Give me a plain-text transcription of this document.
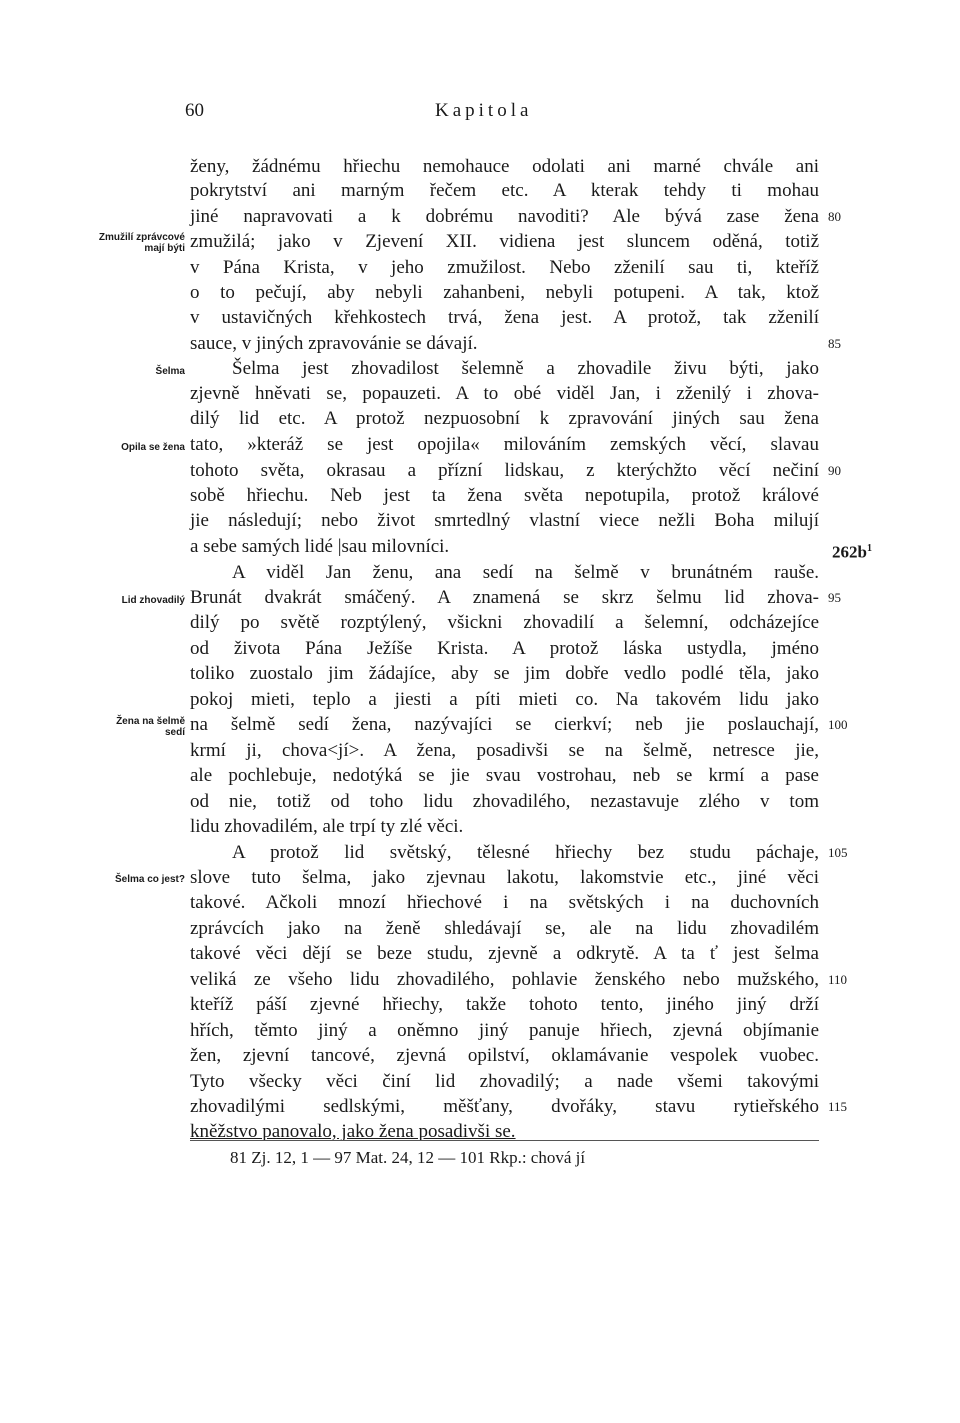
60	Kapitola
ženy, žádnému hřiechu nemohauce odolati ani marné chvále ani
pokrytství ani marným řečem etc. A kterak tehdy ti mohau
jiné napravovati a k dobrému navoditi? Ale bývá zase žena
zmužilá; jako v Zjevení XII. vidiena jest sluncem oděná, totiž
v Pána Krista, v jeho zmužilost. Nebo zženilí sau ti, kteříž
o to pečují, aby nebyli zahanbeni, nebyli potupeni. A tak, ktož
v ustavičných křehkostech trvá, žena jest. A protož, tak zženilí
sauce, v jiných zpravovánie se dávají.
Šelma jest zhovadilost šelemně a zhovadile živu býti, jako
zjevně hněvati se, popauzeti. A to obé viděl Jan, i zženilý i zhova-
dilý lid etc. A protož nezpuosobní k zpravování jiných sau žena
tato, »kteráž se jest opojila« milováním zemských věcí, slavau
tohoto světa, okrasau a přízní lidskau, z kterýchžto věcí nečiní
sobě hřiechu. Neb jest ta žena světa nepotupila, protož králové
jie následují; nebo život smrtedlný vlastní viece nežli Boha milují
a sebe samých lidé |sau milovníci.
A viděl Jan ženu, ana sedí na šelmě v brunátném rauše.
Brunát dvakrát smáčený. A znamená se skrz šelmu lid zhova-
dilý po světě rozptýlený, všickni zhovadilí a šelemní, odcházejíce
od života Pána Ježíše Krista. A protož láska ustydla, jméno
toliko zuostalo jim žádajíce, aby se jim dobře vedlo podlé těla, jako
pokoj mieti, teplo a jiesti a píti mieti co. Na takovém lidu jako
na šelmě sedí žena, nazývajíci se cierkví; neb jie poslauchají,
krmí ji, chova<jí>. A žena, posadivši se na šelmě, netresce jie,
ale pochlebuje, nedotýká se jie svau vostrohau, neb se krmí a pase
od nie, totiž od toho lidu zhovadilého, nezastavuje zlého v tom
lidu zhovadilém, ale trpí ty zlé věci.
A protož lid světský, tělesné hřiechy bez studu páchaje,
slove tuto šelma, jako zjevnau lakotu, lakomstvie etc., jiné věci
takové. Ačkoli mnozí hřiechové i na světských i na duchovních
zprávcích jako na ženě shledávají se, ale na lidu zhovadilém
takové věci dějí se beze studu, zjevně a odkrytě. A ta ť jest šelma
veliká ze všeho lidu zhovadilého, pohlavie ženského nebo mužského,
kteříž páší zjevné hřiechy, takže tohoto tento, jiného jiný drží
hřích, těmto jiný a oněmno jiný panuje hřiech, zjevná objímanie
žen, zjevní tancové, zjevná opilství, oklamávanie vespolek vuobec.
Tyto všecky věci činí lid zhovadilý; a nade všemi takovými
zhovadilými sedlskými, měšťany, dvořáky, stavu rytieřského
kněžstvo panovalo, jako žena posadivši se.
Zmužilí zprávcové
mají býti
Šelma
Opila se žena
Lid zhovadilý
Žena na šelmě
sedí
Šelma co jest?
80
85
90
95
100
105
110
115
$262b^1$
81 Zj. 12, 1 — 97 Mat. 24, 12 — 101 Rkp.: chová jí
